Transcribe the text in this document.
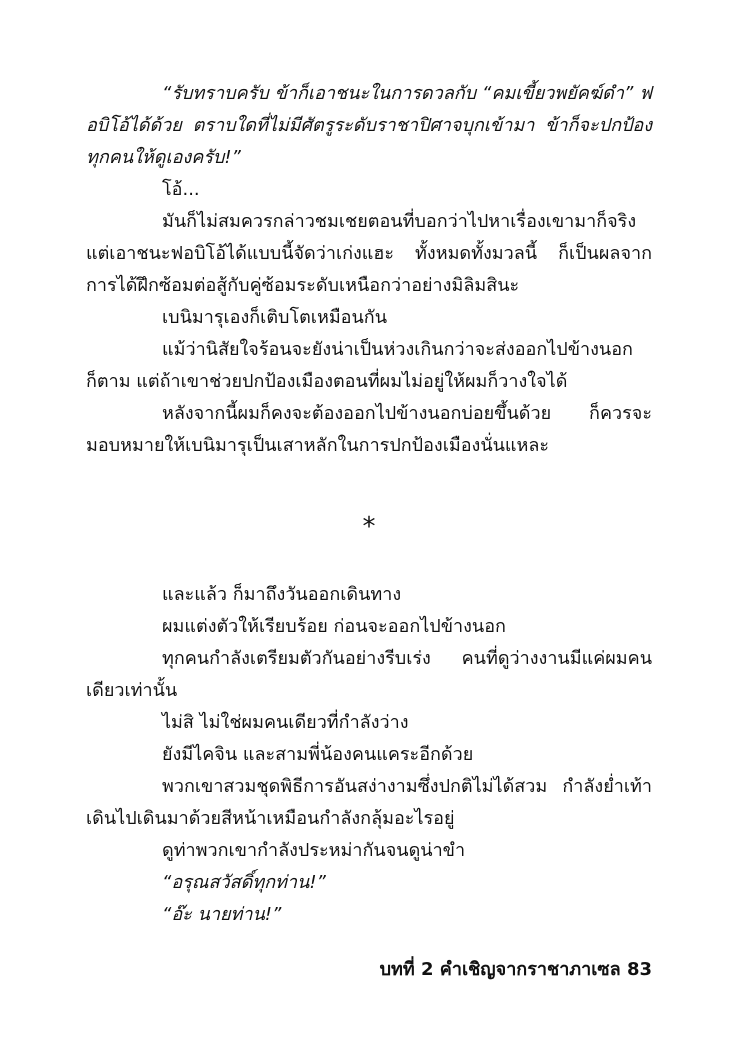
“รับทราบครับ ข้าก็เอาชนะในการดวลกับ “คมเขี้ยวพยัคฆ์ดำ” ฟอบิโอ้ได้ด้วย ตราบใดที่ไม่มีศัตรูระดับราชาปิศาจบุกเข้ามา ข้าก็จะปกป้องทุกคนให้ดูเองครับ!”

โอ้...

มันก็ไม่สมควรกล่าวชมเชยตอนที่บอกว่าไปหาเรื่องเขามาก็จริง แต่เอาชนะฟอบิโอ้ได้แบบนี้จัดว่าเก่งแฮะ ทั้งหมดทั้งมวลนี้ ก็เป็นผลจากการได้ฝึกซ้อมต่อสู้กับคู่ซ้อมระดับเหนือกว่าอย่างมิลิมสินะ

เบนิมารุเองก็เติบโตเหมือนกัน

แม้ว่านิสัยใจร้อนจะยังน่าเป็นห่วงเกินกว่าจะส่งออกไปข้างนอกก็ตาม แต่ถ้าเขาช่วยปกป้องเมืองตอนที่ผมไม่อยู่ให้ผมก็วางใจได้

หลังจากนี้ผมก็คงจะต้องออกไปข้างนอกบ่อยขึ้นด้วย ก็ควรจะมอบหมายให้เบนิมารุเป็นเสาหลักในการปกป้องเมืองนั่นแหละ

*

และแล้ว ก็มาถึงวันออกเดินทาง

ผมแต่งตัวให้เรียบร้อย ก่อนจะออกไปข้างนอก

ทุกคนกำลังเตรียมตัวกันอย่างรีบเร่ง คนที่ดูว่างงานมีแค่ผมคนเดียวเท่านั้น

ไม่สิ ไม่ใช่ผมคนเดียวที่กำลังว่าง

ยังมีไคจิน และสามพี่น้องคนแคระอีกด้วย

พวกเขาสวมชุดพิธีการอันสง่างามซึ่งปกติไม่ได้สวม กำลังย่ำเท้าเดินไปเดินมาด้วยสีหน้าเหมือนกำลังกลุ้มอะไรอยู่

ดูท่าพวกเขากำลังประหม่ากันจนดูน่าขำ

“อรุณสวัสดิ์ทุกท่าน!”

“อ๊ะ นายท่าน!”

บทที่ 2 คำเชิญจากราชาภาเซล 83
